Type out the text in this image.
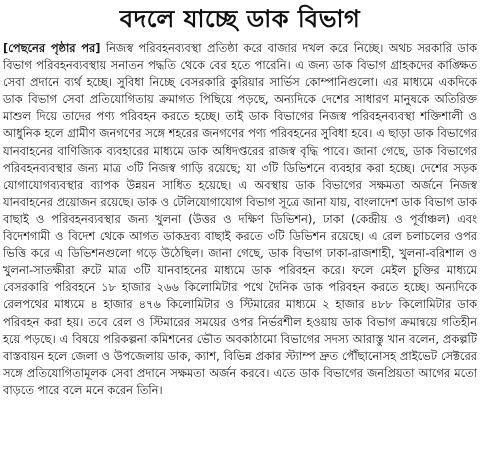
বদলে যাচ্ছে ডাক বিভাগ

[পেছনের পৃষ্ঠার পর] নিজস্ব পরিবহনব্যবস্থা প্রতিষ্ঠা করে বাজার দখল করে নিচ্ছে। অথচ সরকারি ডাক বিভাগ পরিবহনব্যবস্থায় সনাতন পদ্ধতি থেকে বের হতে পারেনি। এ জন্য ডাক বিভাগ গ্রাহকদের কাঙ্ক্ষিত সেবা প্রদানে ব্যর্থ হচ্ছে। সুবিধা নিচ্ছে বেসরকারি কুরিয়ার সার্ভিস কোম্পানিগুলো। এর মাধ্যমে একদিকে ডাক বিভাগ সেবা প্রতিযোগিতায় ক্রমাগত পিছিয়ে পড়ছে, অন্যদিকে দেশের সাধারণ মানুষকে অতিরিক্ত মাশুল দিয়ে তাদের পণ্য পরিবহন করতে হচ্ছে। তাই ডাক বিভাগের নিজস্ব পরিবহনব্যবস্থা শক্তিশালী ও আধুনিক হলে গ্রামীণ জনগণের সঙ্গে শহরের জনগণের পণ্য পরিবহনের সুবিধা হবে। এ ছাড়া ডাক বিভাগের যানবাহনের বাণিজ্যিক ব্যবহারের মাধ্যমে ডাক অধিদপ্তরের রাজস্ব বৃদ্ধি পাবে। জানা গেছে, ডাক বিভাগের পরিবহনব্যবস্থার জন্য মাত্র ৩টি নিজস্ব গাড়ি রয়েছে; যা ৩টি ডিভিশনে ব্যবহার করা হচ্ছে। দেশের সড়ক যোগাযোগব্যবস্থার ব্যাপক উন্নয়ন সাধিত হয়েছে। এ অবস্থায় ডাক বিভাগের সক্ষমতা অর্জনে নিজস্ব যানবাহনের প্রয়োজন রয়েছে। ডাক ও টেলিযোগাযোগ বিভাগ সূত্রে জানা যায়, বাংলাদেশ ডাক বিভাগ ডাক বাছাই ও পরিবহনব্যবস্থার জন্য খুলনা (উত্তর ও দক্ষিণ ডিভিশন), ঢাকা (কেন্দ্রীয় ও পূর্বাঞ্চল) এবং বিদেশগামী ও বিদেশ থেকে আগত ডাকদ্রব্য বাছাই করতে ৩টি ডিভিশন রয়েছে। এ রেল চলাচলের ওপর ভিত্তি করে এ ডিভিশনগুলো গড়ে উঠেছিল। জানা গেছে, ডাক বিভাগ ঢাকা-রাজশাহী, খুলনা-বরিশাল ও খুলনা-সাতক্ষীরা রুটে মাত্র ৩টি যানবাহনের মাধ্যমে ডাক পরিবহন করে। ফলে মেইল চুক্তির মাধ্যমে বেসরকারি পরিবহনে ১৮ হাজার ২৬৬ কিলোমিটার পথে দৈনিক ডাক পরিবহন করতে হচ্ছে। অন্যদিকে রেলপথের মাধ্যমে ৪ হাজার ৪৭৬ কিলোমিটার ও স্টিমারের মাধ্যমে ২ হাজার ৪৮৮ কিলোমিটার ডাক পরিবহন করা হয়। তবে রেল ও স্টিমারের সময়ের ওপর নির্ভরশীল হওয়ায় ডাক বিভাগ ক্রমান্বয়ে গতিহীন হয়ে পড়ছে। এ বিষয়ে পরিকল্পনা কমিশনের ভৌত অবকাঠামো বিভাগের সদস্য আরাস্তু খান বলেন, প্রকল্পটি বাস্তবায়ন হলে জেলা ও উপজেলায় ডাক, ক্যাশ, বিভিন্ন প্রকার স্ট্যাম্প দ্রুত পৌঁছানোসহ প্রাইভেট সেক্টরের সঙ্গে প্রতিযোগিতামূলক সেবা প্রদানে সক্ষমতা অর্জন করবে। এতে ডাক বিভাগের জনপ্রিয়তা আগের মতো বাড়তে পারে বলে মনে করেন তিনি।
